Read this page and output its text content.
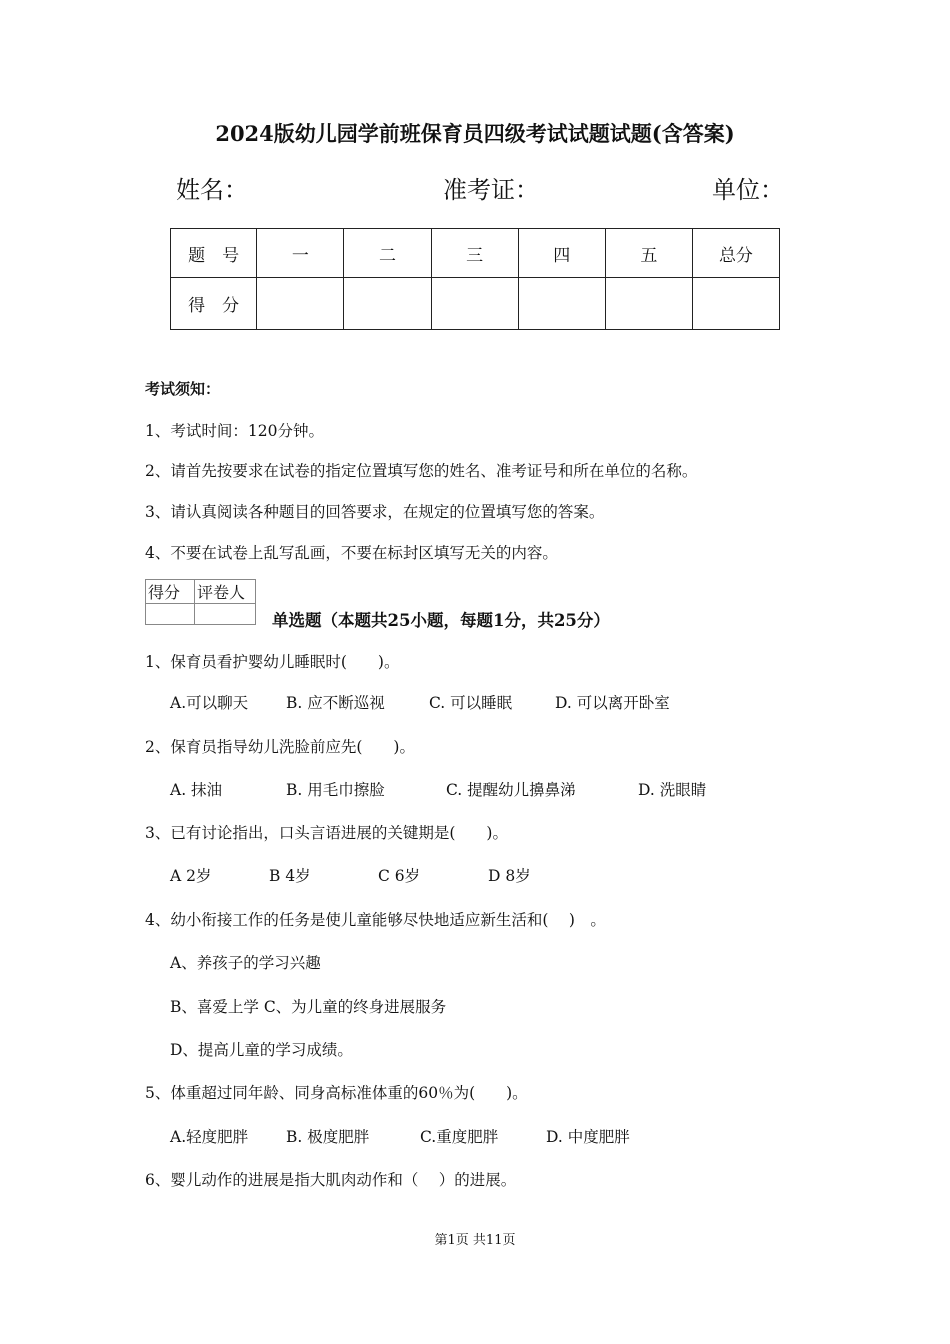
2024版幼儿园学前班保育员四级考试试题试题(含答案)
姓名：	准考证：	单位：
题　号	一	二	三	四	五	总分
得　分						
考试须知：
1、考试时间：120分钟。
2、请首先按要求在试卷的指定位置填写您的姓名、准考证号和所在单位的名称。
3、请认真阅读各种题目的回答要求，在规定的位置填写您的答案。
4、不要在试卷上乱写乱画，不要在标封区填写无关的内容。
得分	评卷人

单选题（本题共25小题，每题1分，共25分）
1、保育员看护婴幼儿睡眠时(　　)。
A.可以聊天 B. 应不断巡视	C. 可以睡眠	D. 可以离开卧室
2、保育员指导幼儿洗脸前应先(　　)。
A. 抹油	B. 用毛巾擦脸	C. 提醒幼儿擤鼻涕	D. 洗眼睛
3、已有讨论指出，口头言语进展的关键期是(　　)。
A 2岁	B 4岁	C 6岁	D 8岁
4、幼小衔接工作的任务是使儿童能够尽快地适应新生活和(　 )　。
A、养孩子的学习兴趣
B、喜爱上学 C、为儿童的终身进展服务
D、提高儿童的学习成绩。
5、体重超过同年龄、同身高标准体重的60％为(　　)。
A.轻度肥胖 B. 极度肥胖	C.重度肥胖	D. 中度肥胖
6、婴儿动作的进展是指大肌肉动作和（　 ）的进展。
第1页 共11页
